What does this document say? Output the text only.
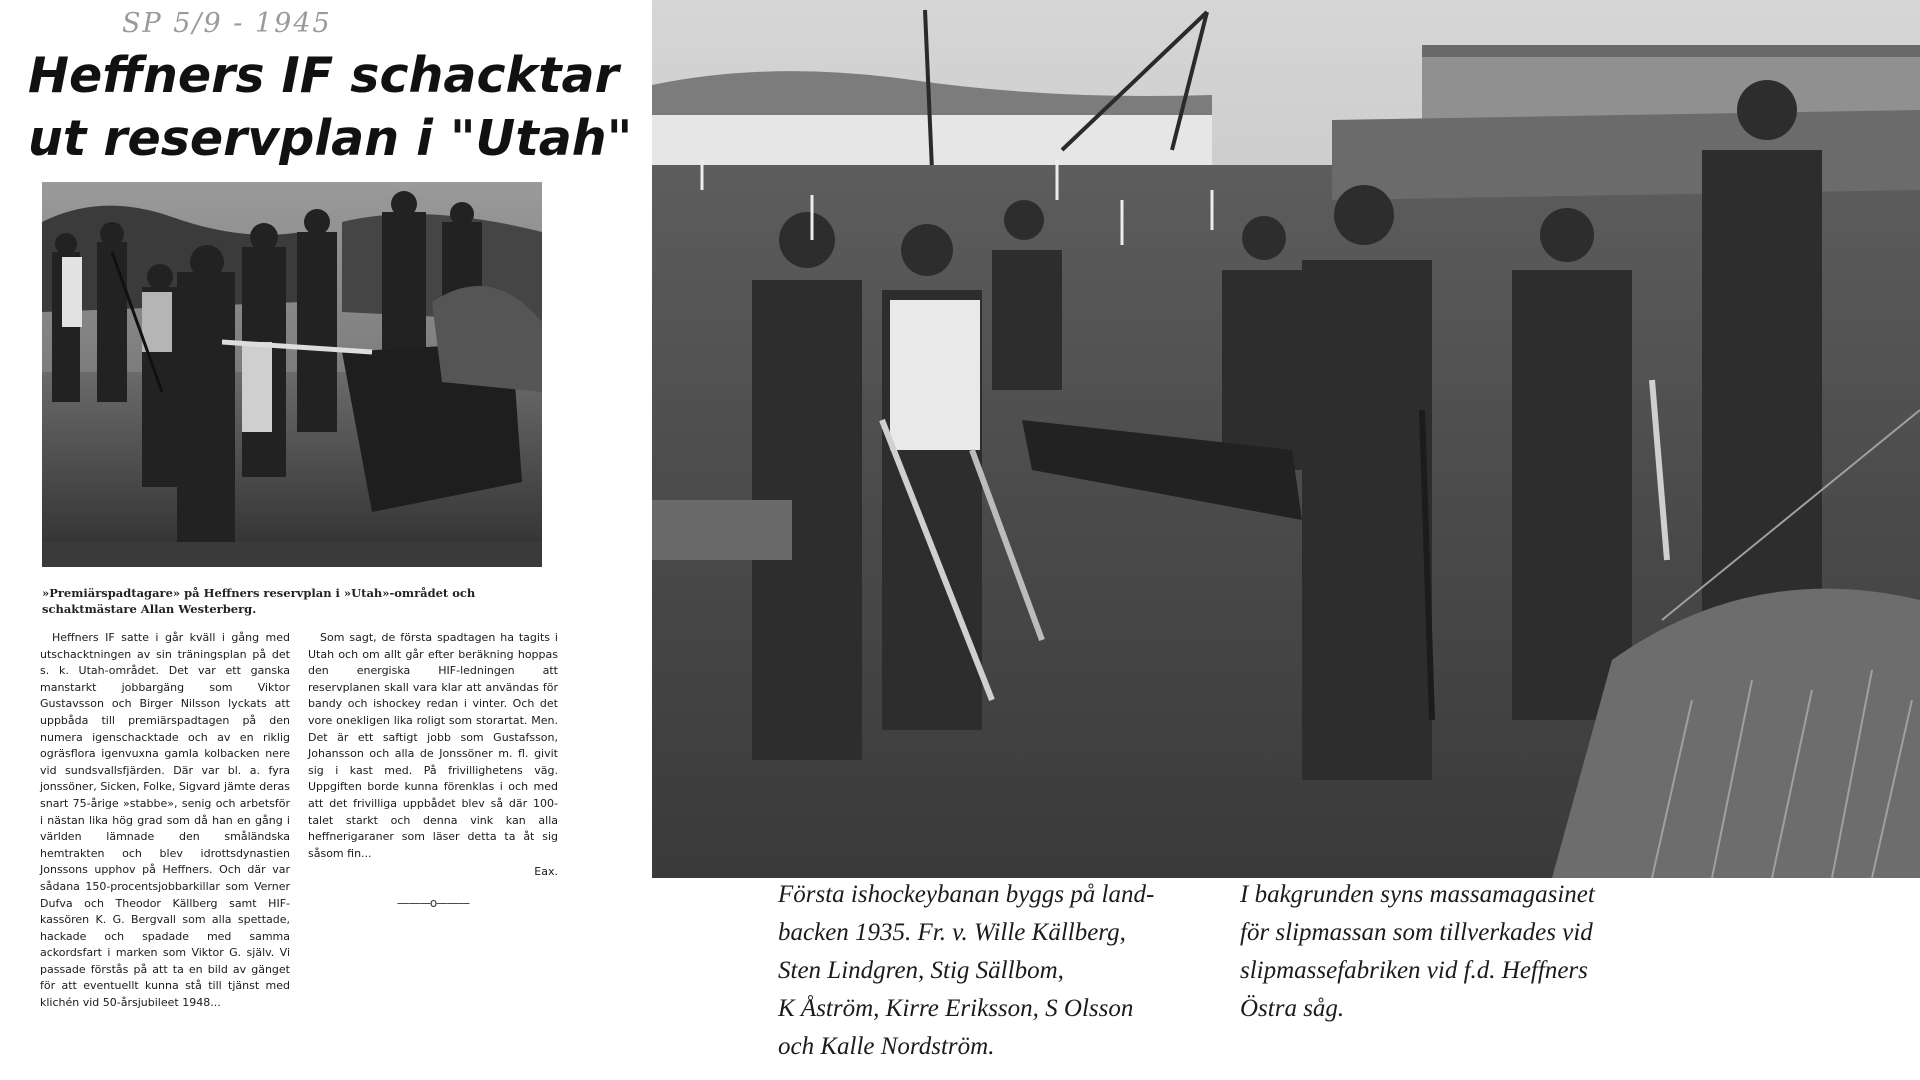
SP 5/9 - 1945
Heffners IF schacktar
ut reservplan i "Utah"
»Premiärspadtagare» på Heffners reservplan i »Utah»-området och schaktmästare Allan Westerberg.

Heffners IF satte i går kväll i gång med utschacktningen av sin träningsplan på det s. k. Utah-området. Det var ett ganska manstarkt jobbargäng som Viktor Gustavsson och Birger Nilsson lyckats att uppbåda till premiärspadtagen på den numera igenschacktade och av en riklig ogräsflora igenvuxna gamla kolbacken nere vid sundsvallsfjärden. Där var bl. a. fyra jonssöner, Sicken, Folke, Sigvard jämte deras snart 75-årige »stabbe», senig och arbetsför i nästan lika hög grad som då han en gång i världen lämnade den småländska hemtrakten och blev idrottsdynastien Jonssons upphov på Heffners. Och där var sådana 150-procentsjobbarkillar som Verner Dufva och Theodor Källberg samt HIF-kassören K. G. Bergvall som alla spettade, hackade och spadade med samma ackordsfart i marken som Viktor G. själv. Vi passade förstås på att ta en bild av gänget för att eventuellt kunna stå till tjänst med klichén vid 50-årsjubileet 1948...

Som sagt, de första spadtagen ha tagits i Utah och om allt går efter beräkning hoppas den energiska HIF-ledningen att reservplanen skall vara klar att användas för bandy och ishockey redan i vinter. Och det vore onekligen lika roligt som storartat. Men. Det är ett saftigt jobb som Gustafsson, Johansson och alla de Jonssöner m. fl. givit sig i kast med. På frivillighetens väg. Uppgiften borde kunna förenklas i och med att det frivilliga uppbådet blev så där 100-talet starkt och denna vink kan alla heffnerigaraner som läser detta ta åt sig såsom fin...

Eax.
———o———	Första ishockeybanan byggs på land-
backen 1935. Fr. v. Wille Källberg,
Sten Lindgren, Stig Sällbom,
K Åström, Kirre Eriksson, S Olsson
och Kalle Nordström.
I bakgrunden syns massamagasinet
för slipmassan som tillverkades vid
slipmassefabriken vid f.d. Heffners
Östra såg.
